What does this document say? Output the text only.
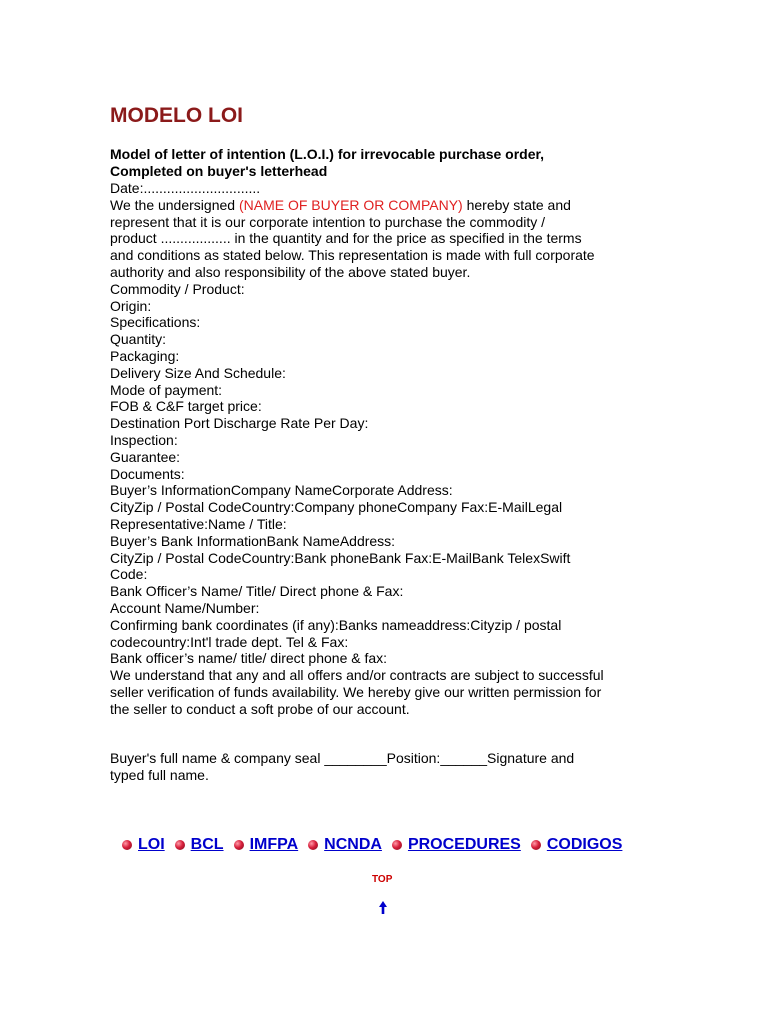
MODELO LOI

Model of letter of intention (L.O.I.) for irrevocable purchase order, Completed on buyer's letterhead

Date:..............................
We the undersigned (NAME OF BUYER OR COMPANY) hereby state and
represent that it is our corporate intention to purchase the commodity /
product .................. in the quantity and for the price as specified in the terms
and conditions as stated below. This representation is made with full corporate
authority and also responsibility of the above stated buyer.
Commodity / Product:
Origin:
Specifications:
Quantity:
Packaging:
Delivery Size And Schedule:
Mode of payment:
FOB & C&F target price:
Destination Port Discharge Rate Per Day:
Inspection:
Guarantee:
Documents:
Buyer’s InformationCompany NameCorporate Address:
CityZip / Postal CodeCountry:Company phoneCompany Fax:E-MailLegal
Representative:Name / Title:
Buyer’s Bank InformationBank NameAddress:
CityZip / Postal CodeCountry:Bank phoneBank Fax:E-MailBank TelexSwift
Code:
Bank Officer’s Name/ Title/ Direct phone & Fax:
Account Name/Number:
Confirming bank coordinates (if any):Banks nameaddress:Cityzip / postal
codecountry:Int'l trade dept. Tel & Fax:
Bank officer’s name/ title/ direct phone & fax:
We understand that any and all offers and/or contracts are subject to successful
seller verification of funds availability. We hereby give our written permission for
the seller to conduct a soft probe of our account.
Buyer's full name & company seal ________Position:______Signature and
typed full name.
LOI BCL IMFPA NCNDA PROCEDURES CODIGOS
TOP
